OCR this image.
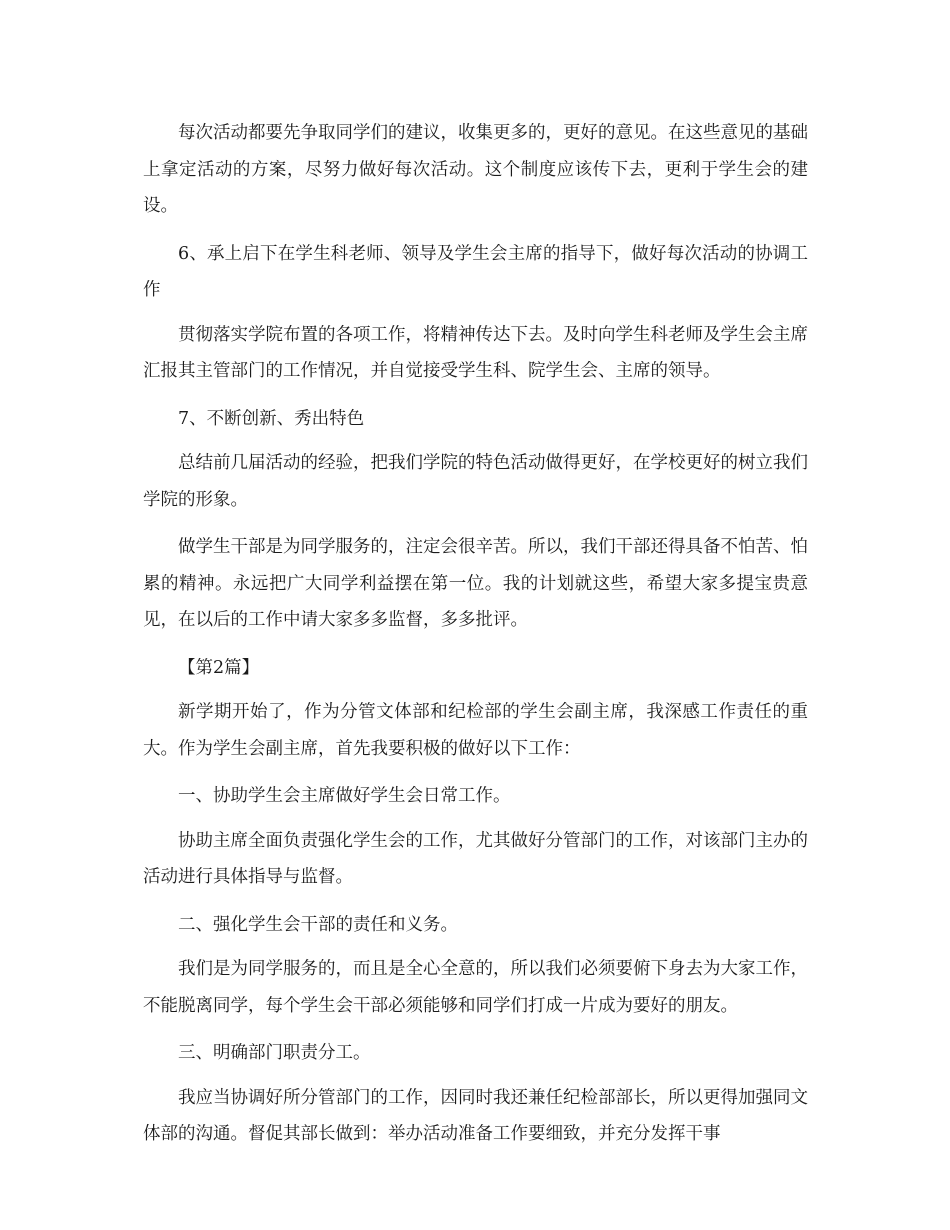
每次活动都要先争取同学们的建议，收集更多的，更好的意见。在这些意见的基础上拿定活动的方案，尽努力做好每次活动。这个制度应该传下去，更利于学生会的建设。

6、承上启下在学生科老师、领导及学生会主席的指导下，做好每次活动的协调工作

贯彻落实学院布置的各项工作，将精神传达下去。及时向学生科老师及学生会主席汇报其主管部门的工作情况，并自觉接受学生科、院学生会、主席的领导。

7、不断创新、秀出特色

总结前几届活动的经验，把我们学院的特色活动做得更好，在学校更好的树立我们学院的形象。

做学生干部是为同学服务的，注定会很辛苦。所以，我们干部还得具备不怕苦、怕累的精神。永远把广大同学利益摆在第一位。我的计划就这些，希望大家多提宝贵意见，在以后的工作中请大家多多监督，多多批评。

【第2篇】

新学期开始了，作为分管文体部和纪检部的学生会副主席，我深感工作责任的重大。作为学生会副主席，首先我要积极的做好以下工作：

一、协助学生会主席做好学生会日常工作。

协助主席全面负责强化学生会的工作，尤其做好分管部门的工作，对该部门主办的活动进行具体指导与监督。

二、强化学生会干部的责任和义务。

我们是为同学服务的，而且是全心全意的，所以我们必须要俯下身去为大家工作，不能脱离同学，每个学生会干部必须能够和同学们打成一片成为要好的朋友。

三、明确部门职责分工。

我应当协调好所分管部门的工作，因同时我还兼任纪检部部长，所以更得加强同文体部的沟通。督促其部长做到：举办活动准备工作要细致，并充分发挥干事
